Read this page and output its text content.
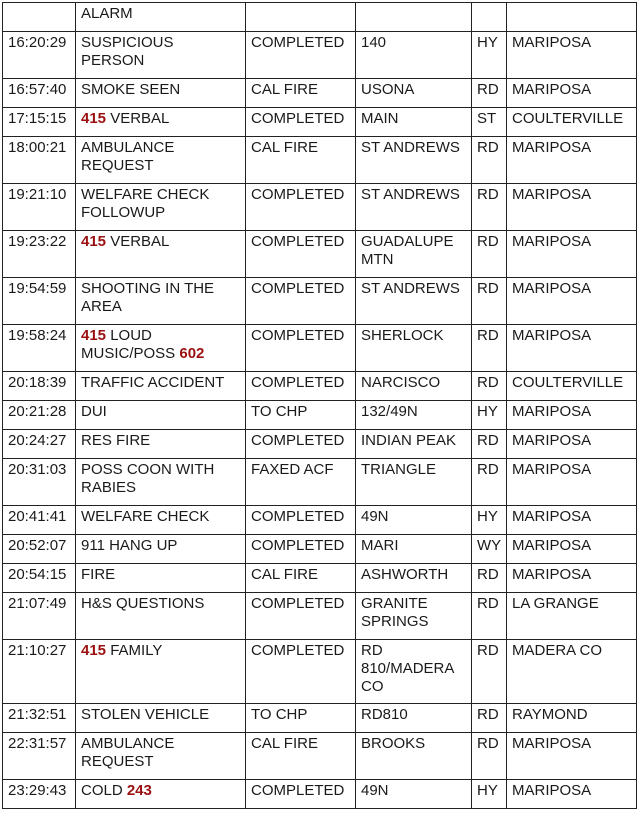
	ALARM				
16:20:29	SUSPICIOUS PERSON	COMPLETED	140	HY	MARIPOSA
16:57:40	SMOKE SEEN	CAL FIRE	USONA	RD	MARIPOSA
17:15:15	415 VERBAL	COMPLETED	MAIN	ST	COULTERVILLE
18:00:21	AMBULANCE REQUEST	CAL FIRE	ST ANDREWS	RD	MARIPOSA
19:21:10	WELFARE CHECK FOLLOWUP	COMPLETED	ST ANDREWS	RD	MARIPOSA
19:23:22	415 VERBAL	COMPLETED	GUADALUPE MTN	RD	MARIPOSA
19:54:59	SHOOTING IN THE AREA	COMPLETED	ST ANDREWS	RD	MARIPOSA
19:58:24	415 LOUD MUSIC/POSS 602	COMPLETED	SHERLOCK	RD	MARIPOSA
20:18:39	TRAFFIC ACCIDENT	COMPLETED	NARCISCO	RD	COULTERVILLE
20:21:28	DUI	TO CHP	132/49N	HY	MARIPOSA
20:24:27	RES FIRE	COMPLETED	INDIAN PEAK	RD	MARIPOSA
20:31:03	POSS COON WITH RABIES	FAXED ACF	TRIANGLE	RD	MARIPOSA
20:41:41	WELFARE CHECK	COMPLETED	49N	HY	MARIPOSA
20:52:07	911 HANG UP	COMPLETED	MARI	WY	MARIPOSA
20:54:15	FIRE	CAL FIRE	ASHWORTH	RD	MARIPOSA
21:07:49	H&S QUESTIONS	COMPLETED	GRANITE SPRINGS	RD	LA GRANGE
21:10:27	415 FAMILY	COMPLETED	RD 810/MADERA CO	RD	MADERA CO
21:32:51	STOLEN VEHICLE	TO CHP	RD810	RD	RAYMOND
22:31:57	AMBULANCE REQUEST	CAL FIRE	BROOKS	RD	MARIPOSA
23:29:43	COLD 243	COMPLETED	49N	HY	MARIPOSA
